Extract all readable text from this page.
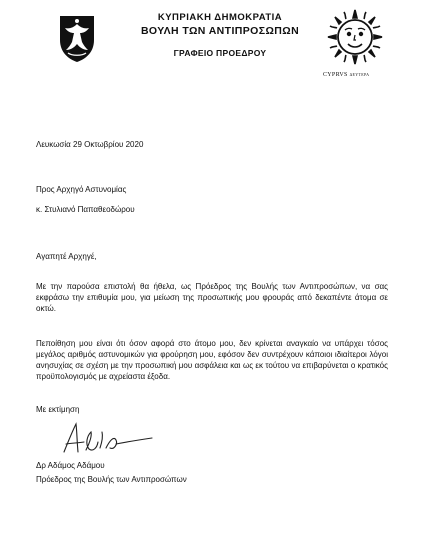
ΚΥΠΡΙΑΚΗ ΔΗΜΟΚΡΑΤΙΑ
ΒΟΥΛΗ ΤΩΝ ΑΝΤΙΠΡΟΣΩΠΩΝ
ΓΡΑΦΕΙΟ ΠΡΟΕΔΡΟΥ
CYPRVS ΔΕΥΤΕΡΑ
Λευκωσία 29 Οκτωβρίου 2020
Προς Αρχηγό Αστυνομίας
κ. Στυλιανό Παπαθεοδώρου
Αγαπητέ Αρχηγέ,
Με την παρούσα επιστολή θα ήθελα, ως Πρόεδρος της Βουλής των Αντιπροσώπων, να σας εκφράσω την επιθυμία μου, για μείωση της προσωπικής μου φρουράς από δεκαπέντε άτομα σε οκτώ.
Πεποίθηση μου είναι ότι όσον αφορά στο άτομο μου, δεν κρίνεται αναγκαίο να υπάρχει τόσος μεγάλος αριθμός αστυνομικών για φρούρηση μου, εφόσον δεν συντρέχουν κάποιοι ιδιαίτεροι λόγοι ανησυχίας σε σχέση με την προσωπική μου ασφάλεια και ως εκ τούτου να επιβαρύνεται ο κρατικός προϋπολογισμός με αχρείαστα έξοδα.
Με εκτίμηση
Δρ Αδάμος Αδάμου
Πρόεδρος της Βουλής των Αντιπροσώπων
